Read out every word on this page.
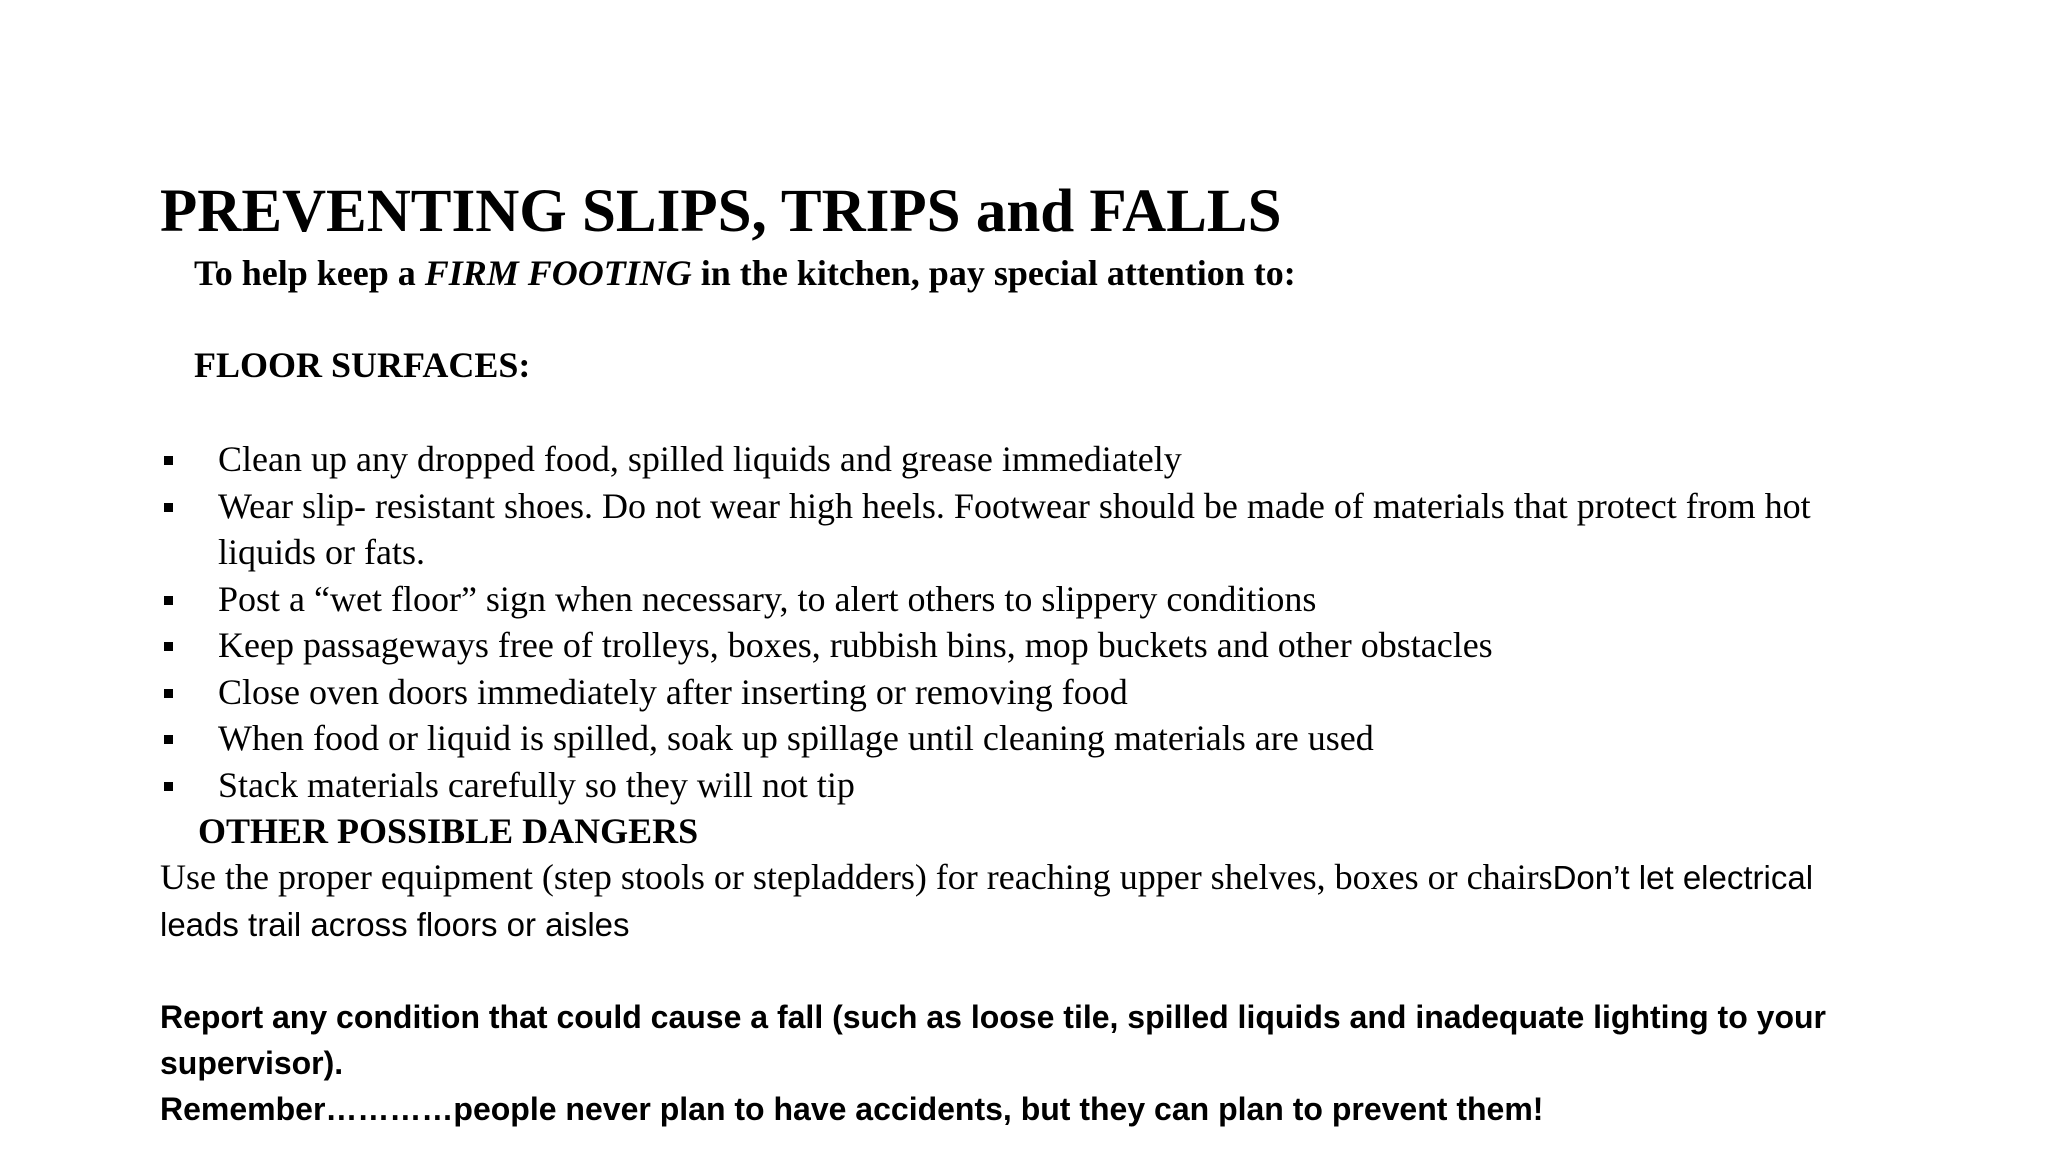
PREVENTING SLIPS, TRIPS and FALLS
To help keep a FIRM FOOTING in the kitchen, pay special attention to:
FLOOR SURFACES:
Clean up any dropped food, spilled liquids and grease immediately
Wear slip- resistant shoes. Do not wear high heels. Footwear should be made of materials that protect from hot liquids or fats.
Post a “wet floor” sign when necessary, to alert others to slippery conditions
Keep passageways free of trolleys, boxes, rubbish bins, mop buckets and other obstacles
Close oven doors immediately after inserting or removing food
When food or liquid is spilled, soak up spillage until cleaning materials are used
Stack materials carefully so they will not tip
OTHER POSSIBLE DANGERS
Use the proper equipment (step stools or stepladders) for reaching upper shelves, boxes or chairsDon’t let electrical leads trail across floors or aisles
Report any condition that could cause a fall (such as loose tile, spilled liquids and inadequate lighting to your supervisor).
Remember…………people never plan to have accidents, but they can plan to prevent them!
